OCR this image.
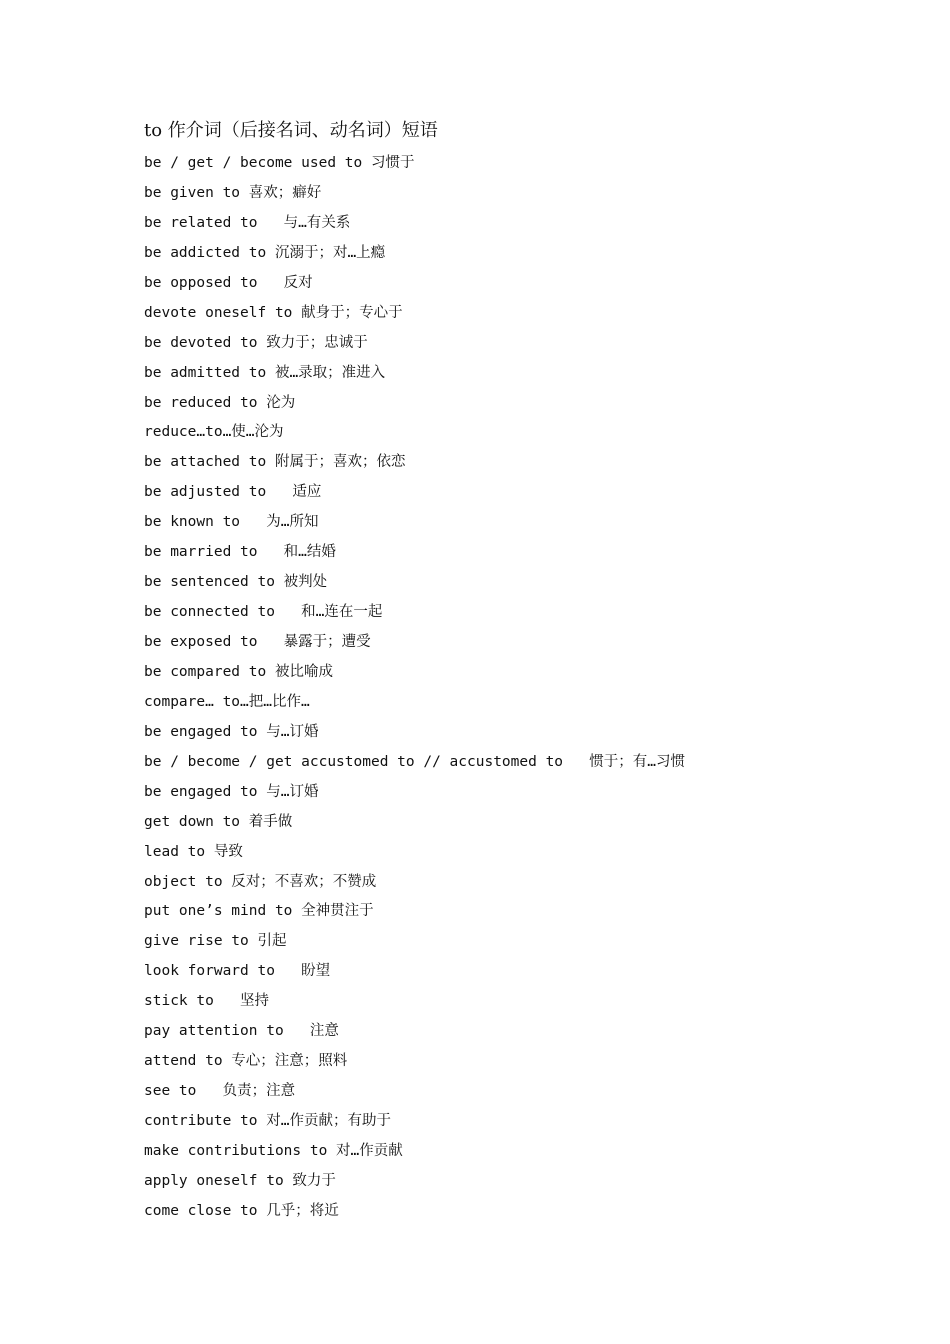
to 作介词（后接名词、动名词）短语
be / get / become used to 习惯于
be given to 喜欢；癖好
be related to   与…有关系
be addicted to 沉溺于；对…上瘾
be opposed to   反对
devote oneself to 献身于；专心于
be devoted to 致力于；忠诚于
be admitted to 被…录取；准进入
be reduced to 沦为
reduce…to…使…沦为
be attached to 附属于；喜欢；依恋
be adjusted to   适应
be known to   为…所知
be married to   和…结婚
be sentenced to 被判处
be connected to   和…连在一起
be exposed to   暴露于；遭受
be compared to 被比喻成
compare… to…把…比作…
be engaged to 与…订婚
be / become / get accustomed to // accustomed to   惯于；有…习惯
be engaged to 与…订婚
get down to 着手做
lead to 导致
object to 反对；不喜欢；不赞成
put one’s mind to 全神贯注于
give rise to 引起
look forward to   盼望
stick to   坚持
pay attention to   注意
attend to 专心；注意；照料
see to   负责；注意
contribute to 对…作贡献；有助于
make contributions to 对…作贡献
apply oneself to 致力于
come close to 几乎；将近
